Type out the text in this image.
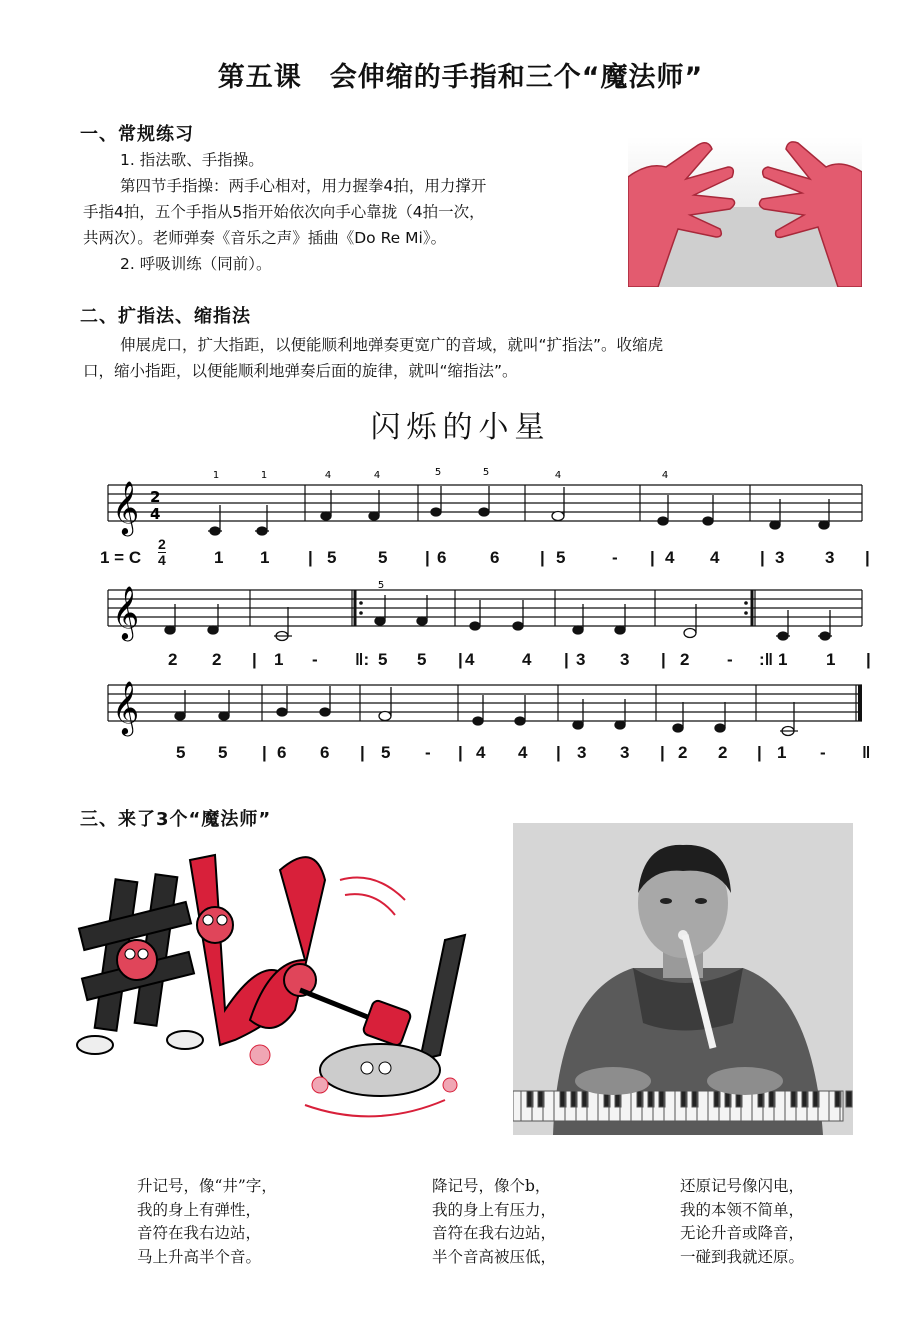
第五课　会伸缩的手指和三个“魔法师”
一、常规练习
1. 指法歌、手指操。
第四节手指操：两手心相对，用力握拳4拍，用力撑开
手指4拍，五个手指从5指开始依次向手心靠拢（4拍一次，
共两次）。老师弹奏《音乐之声》插曲《Do Re Mi》。
2. 呼吸训练（同前）。
二、扩指法、缩指法
伸展虎口，扩大指距，以便能顺利地弹奏更宽广的音域，就叫“扩指法”。收缩虎
口，缩小指距，以便能顺利地弹奏后面的旋律，就叫“缩指法”。
闪烁的小星
𝄞 2
4
1	1	4	4	5	5	4	4
1 = C
2
4	1 1 | 5 5 | 6	6 | 5	- | 4 4 | 3 3 |
𝄞	5
2 2 | 1 - ‖: 5 5 | 4	4 | 3 3 | 2 - :‖ 1 1 |
𝄞
5 5 | 6 6 | 5 - | 4 4 | 3 3 | 2 2 | 1 - ‖
三、来了3个“魔法师”
升记号，像“井”字，
我的身上有弹性，
音符在我右边站，
马上升高半个音。
降记号，像个b，
我的身上有压力，
音符在我右边站，
半个音高被压低，
还原记号像闪电，
我的本领不简单，
无论升音或降音，
一碰到我就还原。
